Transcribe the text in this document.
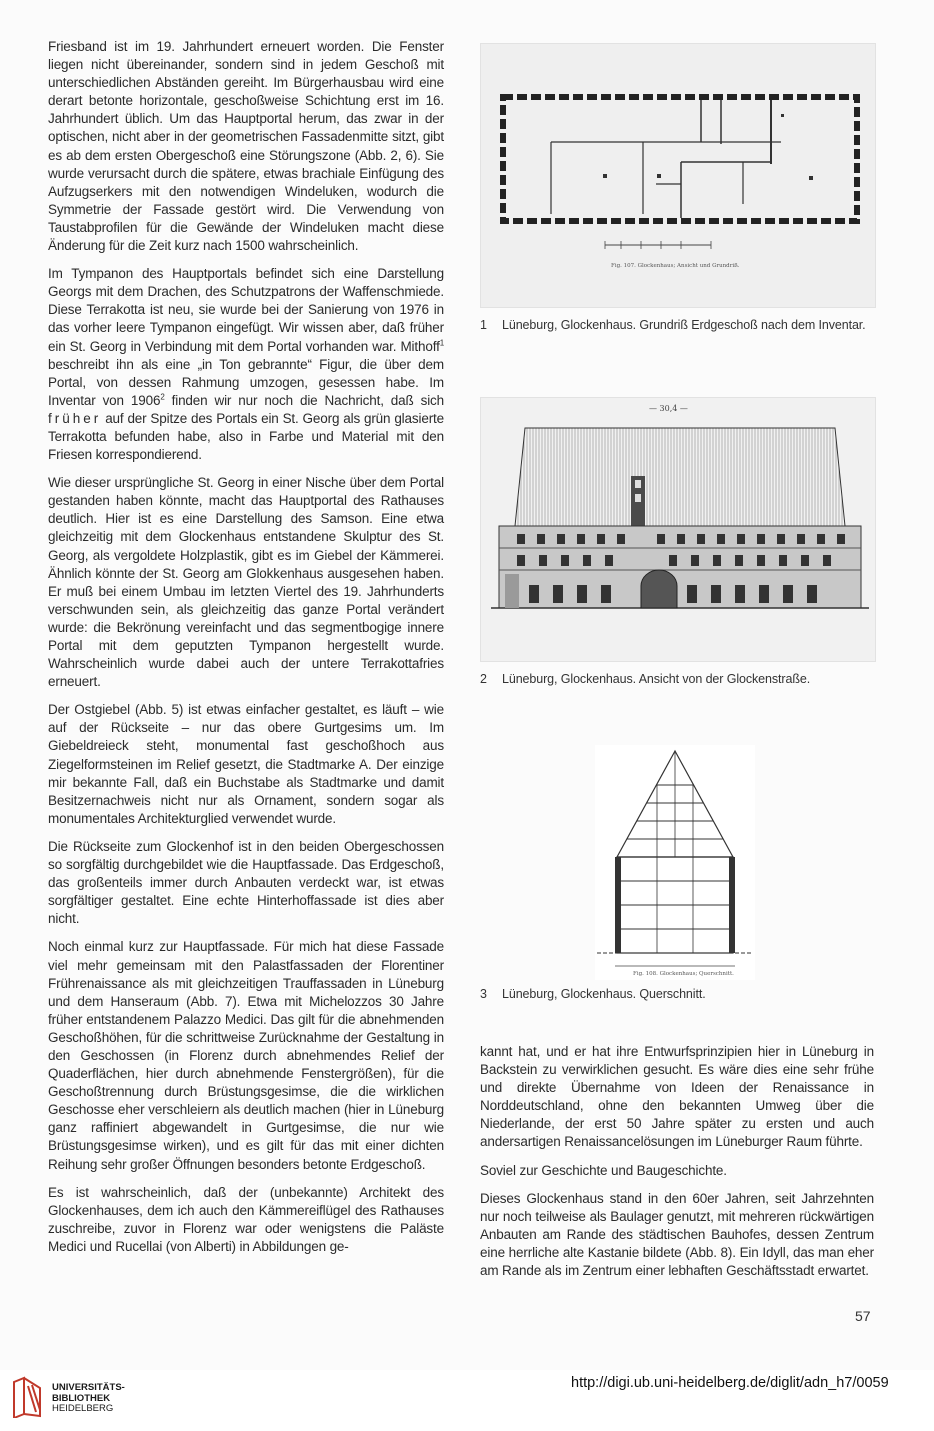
Friesband ist im 19. Jahrhundert erneuert worden. Die Fenster liegen nicht übereinander, sondern sind in jedem Geschoß mit unterschiedlichen Abständen gereiht. Im Bürgerhausbau wird eine derart betonte horizontale, geschoßweise Schichtung erst im 16. Jahrhundert üblich. Um das Hauptportal herum, das zwar in der optischen, nicht aber in der geometrischen Fassadenmitte sitzt, gibt es ab dem ersten Obergeschoß eine Störungszone (Abb. 2, 6). Sie wurde verursacht durch die spätere, etwas brachiale Einfügung des Aufzugserkers mit den notwendigen Windeluken, wodurch die Symmetrie der Fassade gestört wird. Die Verwendung von Taustabprofilen für die Gewände der Windeluken macht diese Änderung für die Zeit kurz nach 1500 wahrscheinlich.

Im Tympanon des Hauptportals befindet sich eine Darstellung Georgs mit dem Drachen, des Schutzpatrons der Waffenschmiede. Diese Terrakotta ist neu, sie wurde bei der Sanierung von 1976 in das vorher leere Tympanon eingefügt. Wir wissen aber, daß früher ein St. Georg in Verbindung mit dem Portal vorhanden war. Mithoff$^1$ beschreibt ihn als eine „in Ton gebrannte“ Figur, die über dem Portal, von dessen Rahmung umzogen, gesessen habe. Im Inventar von 1906$^2$ finden wir nur noch die Nachricht, daß sich früher auf der Spitze des Portals ein St. Georg als grün glasierte Terrakotta befunden habe, also in Farbe und Material mit den Friesen korrespondierend.

Wie dieser ursprüngliche St. Georg in einer Nische über dem Portal gestanden haben könnte, macht das Hauptportal des Rathauses deutlich. Hier ist es eine Darstellung des Samson. Eine etwa gleichzeitig mit dem Glockenhaus entstandene Skulptur des St. Georg, als vergoldete Holzplastik, gibt es im Giebel der Kämmerei. Ähnlich könnte der St. Georg am Glokkenhaus ausgesehen haben. Er muß bei einem Umbau im letzten Viertel des 19. Jahrhunderts verschwunden sein, als gleichzeitig das ganze Portal verändert wurde: die Bekrönung vereinfacht und das segmentbogige innere Portal mit dem geputzten Tympanon hergestellt wurde. Wahrscheinlich wurde dabei auch der untere Terrakottafries erneuert.

Der Ostgiebel (Abb. 5) ist etwas einfacher gestaltet, es läuft – wie auf der Rückseite – nur das obere Gurtgesims um. Im Giebeldreieck steht, monumental fast geschoßhoch aus Ziegelformsteinen im Relief gesetzt, die Stadtmarke A. Der einzige mir bekannte Fall, daß ein Buchstabe als Stadtmarke und damit Besitzernachweis nicht nur als Ornament, sondern sogar als monumentales Architekturglied verwendet wurde.

Die Rückseite zum Glockenhof ist in den beiden Obergeschossen so sorgfältig durchgebildet wie die Hauptfassade. Das Erdgeschoß, das großenteils immer durch Anbauten verdeckt war, ist etwas sorgfältiger gestaltet. Eine echte Hinterhoffassade ist dies aber nicht.

Noch einmal kurz zur Hauptfassade. Für mich hat diese Fassade viel mehr gemeinsam mit den Palastfassaden der Florentiner Frührenaissance als mit gleichzeitigen Trauffassaden in Lüneburg und dem Hanseraum (Abb. 7). Etwa mit Michelozzos 30 Jahre früher entstandenem Palazzo Medici. Das gilt für die abnehmenden Geschoßhöhen, für die schrittweise Zurücknahme der Gestaltung in den Geschossen (in Florenz durch abnehmendes Relief der Quaderflächen, hier durch abnehmende Fenstergrößen), für die Geschoßtrennung durch Brüstungsgesimse, die die wirklichen Geschosse eher verschleiern als deutlich machen (hier in Lüneburg ganz raffiniert abgewandelt in Gurtgesimse, die nur wie Brüstungsgesimse wirken), und es gilt für das mit einer dichten Reihung sehr großer Öffnungen besonders betonte Erdgeschoß.

Es ist wahrscheinlich, daß der (unbekannte) Architekt des Glockenhauses, dem ich auch den Kämmereiflügel des Rathauses zuschreibe, zuvor in Florenz war oder wenigstens die Paläste Medici und Rucellai (von Alberti) in Abbildungen ge-

Fig. 107. Glockenhaus; Ansicht und Grundriß.
1 Lüneburg, Glockenhaus. Grundriß Erdgeschoß nach dem Inventar.
— 30,4 —
2 Lüneburg, Glockenhaus. Ansicht von der Glockenstraße.
Fig. 108. Glockenhaus; Querschnitt.
3 Lüneburg, Glockenhaus. Querschnitt.

kannt hat, und er hat ihre Entwurfsprinzipien hier in Lüneburg in Backstein zu verwirklichen gesucht. Es wäre dies eine sehr frühe und direkte Übernahme von Ideen der Renaissance in Norddeutschland, ohne den bekannten Umweg über die Niederlande, der erst 50 Jahre später zu ersten und auch andersartigen Renaissancelösungen im Lüneburger Raum führte.

Soviel zur Geschichte und Baugeschichte.

Dieses Glockenhaus stand in den 60er Jahren, seit Jahrzehnten nur noch teilweise als Baulager genutzt, mit mehreren rückwärtigen Anbauten am Rande des städtischen Bauhofes, dessen Zentrum eine herrliche alte Kastanie bildete (Abb. 8). Ein Idyll, das man eher am Rande als im Zentrum einer lebhaften Geschäftsstadt erwartet.

57
UNIVERSITÄTS-
BIBLIOTHEK
HEIDELBERG
http://digi.ub.uni-heidelberg.de/diglit/adn_h7/0059
